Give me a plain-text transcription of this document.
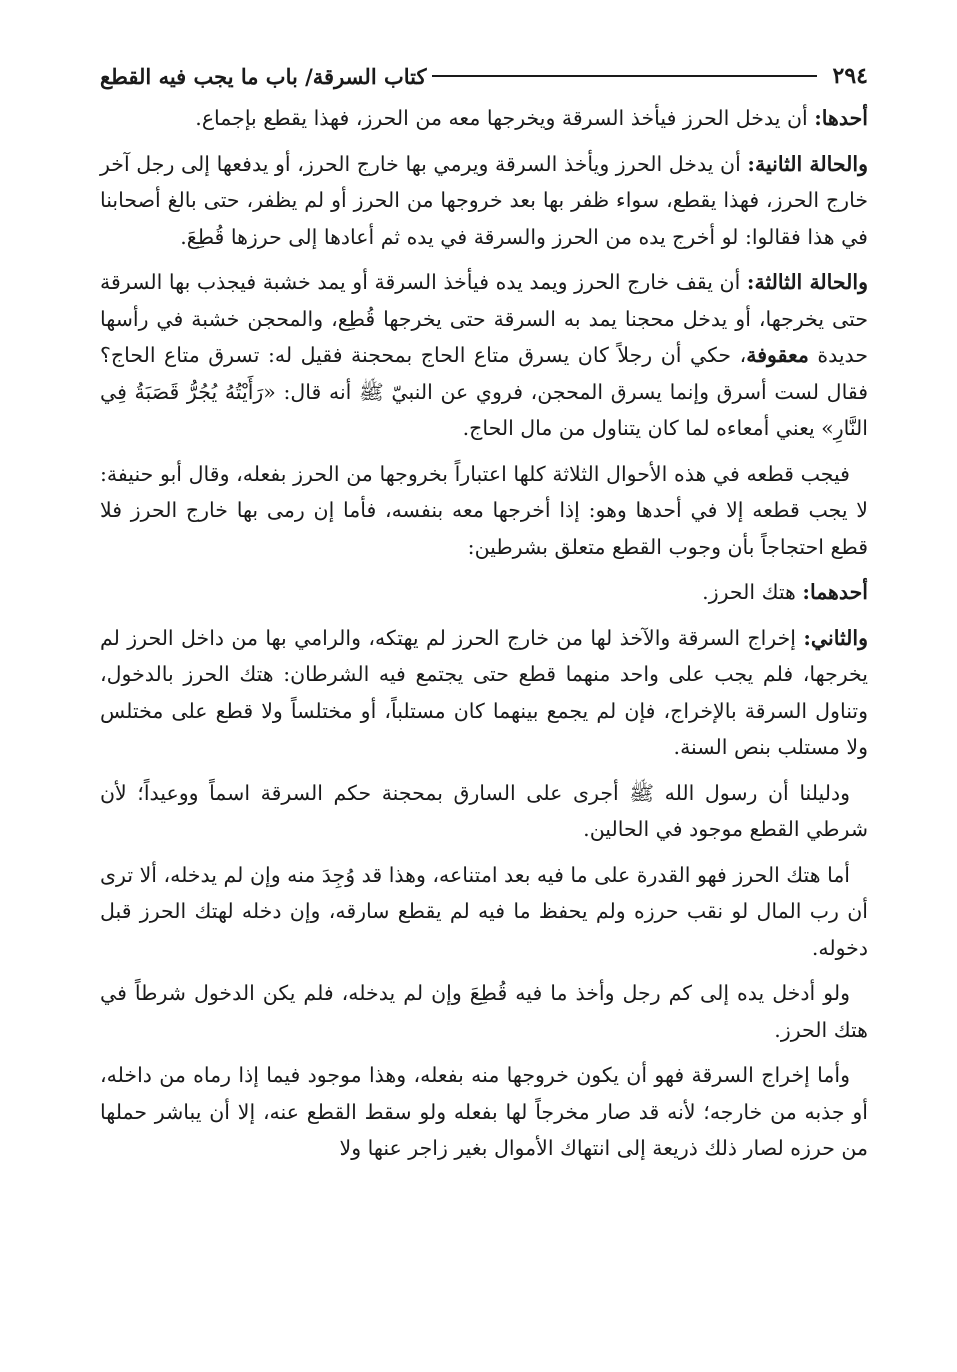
٢٩٤
كتاب السرقة/ باب ما يجب فيه القطع

أحدها: أن يدخل الحرز فيأخذ السرقة ويخرجها معه من الحرز، فهذا يقطع بإجماع.

والحالة الثانية: أن يدخل الحرز ويأخذ السرقة ويرمي بها خارج الحرز، أو يدفعها إلى رجل آخر خارج الحرز، فهذا يقطع، سواء ظفر بها بعد خروجها من الحرز أو لم يظفر، حتى بالغ أصحابنا في هذا فقالوا: لو أخرج يده من الحرز والسرقة في يده ثم أعادها إلى حرزها قُطِعَ.

والحالة الثالثة: أن يقف خارج الحرز ويمد يده فيأخذ السرقة أو يمد خشبة فيجذب بها السرقة حتى يخرجها، أو يدخل محجنا يمد به السرقة حتى يخرجها قُطِع، والمحجن خشبة في رأسها حديدة معقوفة، حكي أن رجلاً كان يسرق متاع الحاج بمحجنة فقيل له: تسرق متاع الحاج؟ فقال لست أسرق وإنما يسرق المحجن، فروي عن النبيّ ﷺ أنه قال: «رَأَيْتُهُ يُجُرُّ قَصَبَةُ فِي النَّارِ» يعني أمعاءه لما كان يتناول من مال الحاج.

فيجب قطعه في هذه الأحوال الثلاثة كلها اعتباراً بخروجها من الحرز بفعله، وقال أبو حنيفة: لا يجب قطعه إلا في أحدها وهو: إذا أخرجها معه بنفسه، فأما إن رمى بها خارج الحرز فلا قطع احتجاجاً بأن وجوب القطع متعلق بشرطين:

أحدهما: هتك الحرز.

والثاني: إخراج السرقة والآخذ لها من خارج الحرز لم يهتكه، والرامي بها من داخل الحرز لم يخرجها، فلم يجب على واحد منهما قطع حتى يجتمع فيه الشرطان: هتك الحرز بالدخول، وتناول السرقة بالإخراج، فإن لم يجمع بينهما كان مستلباً، أو مختلساً ولا قطع على مختلس ولا مستلب بنص السنة.

ودليلنا أن رسول الله ﷺ أجرى على السارق بمحجنة حكم السرقة اسماً ووعيداً؛ لأن شرطي القطع موجود في الحالين.

أما هتك الحرز فهو القدرة على ما فيه بعد امتناعه، وهذا قد وُجِدَ منه وإن لم يدخله، ألا ترى أن رب المال لو نقب حرزه ولم يحفظ ما فيه لم يقطع سارقه، وإن دخله لهتك الحرز قبل دخوله.

ولو أدخل يده إلى كم رجل وأخذ ما فيه قُطِعَ وإن لم يدخله، فلم يكن الدخول شرطاً في هتك الحرز.

وأما إخراج السرقة فهو أن يكون خروجها منه بفعله، وهذا موجود فيما إذا رماه من داخله، أو جذبه من خارجه؛ لأنه قد صار مخرجاً لها بفعله ولو سقط القطع عنه، إلا أن يباشر حملها من حرزه لصار ذلك ذريعة إلى انتهاك الأموال بغير زاجر عنها ولا
